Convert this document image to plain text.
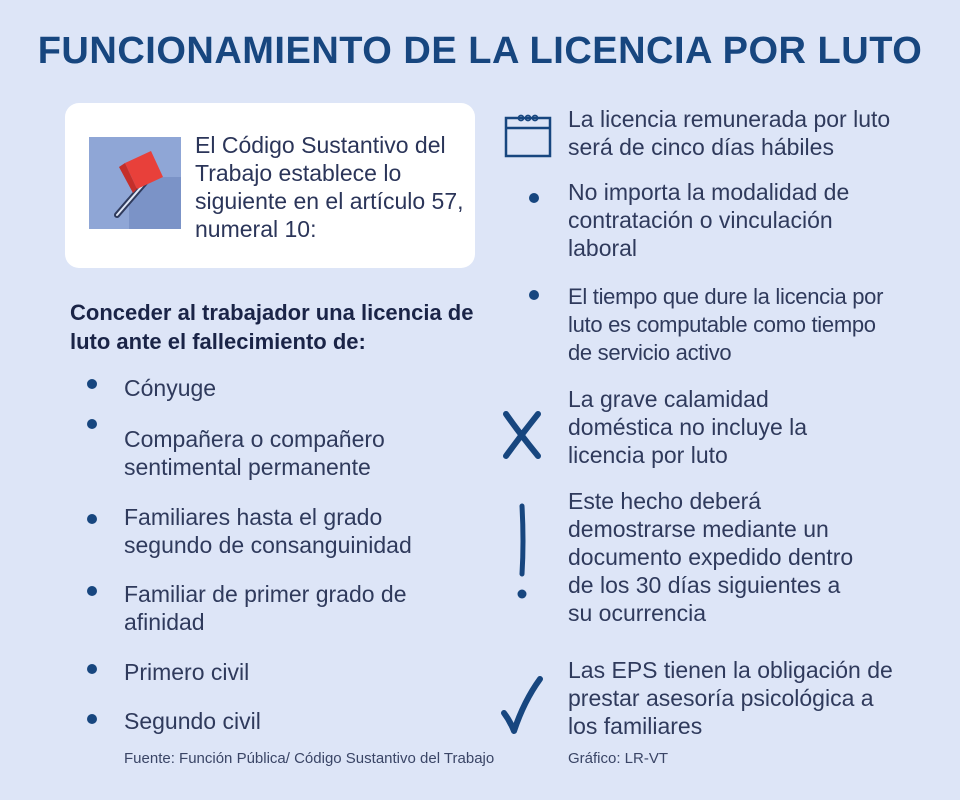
FUNCIONAMIENTO DE LA LICENCIA POR LUTO
El Código Sustantivo del Trabajo establece lo siguiente en el artículo 57, numeral 10:
Conceder al trabajador una licencia de luto ante el fallecimiento de:
Cónyuge
Compañera o compañero sentimental permanente
Familiares hasta el grado segundo de consanguinidad
Familiar de primer grado de afinidad
Primero civil
Segundo civil
La licencia remunerada por luto será de cinco días hábiles
No importa la modalidad de contratación o vinculación laboral
El tiempo que dure la licencia por luto es computable como tiempo de servicio activo
La grave calamidad doméstica no incluye la licencia por luto
Este hecho deberá demostrarse mediante un documento expedido dentro de los 30 días siguientes a su ocurrencia
Las EPS tienen la obligación de prestar asesoría psicológica a los familiares
Fuente: Función Pública/ Código Sustantivo del Trabajo	Gráfico: LR-VT
